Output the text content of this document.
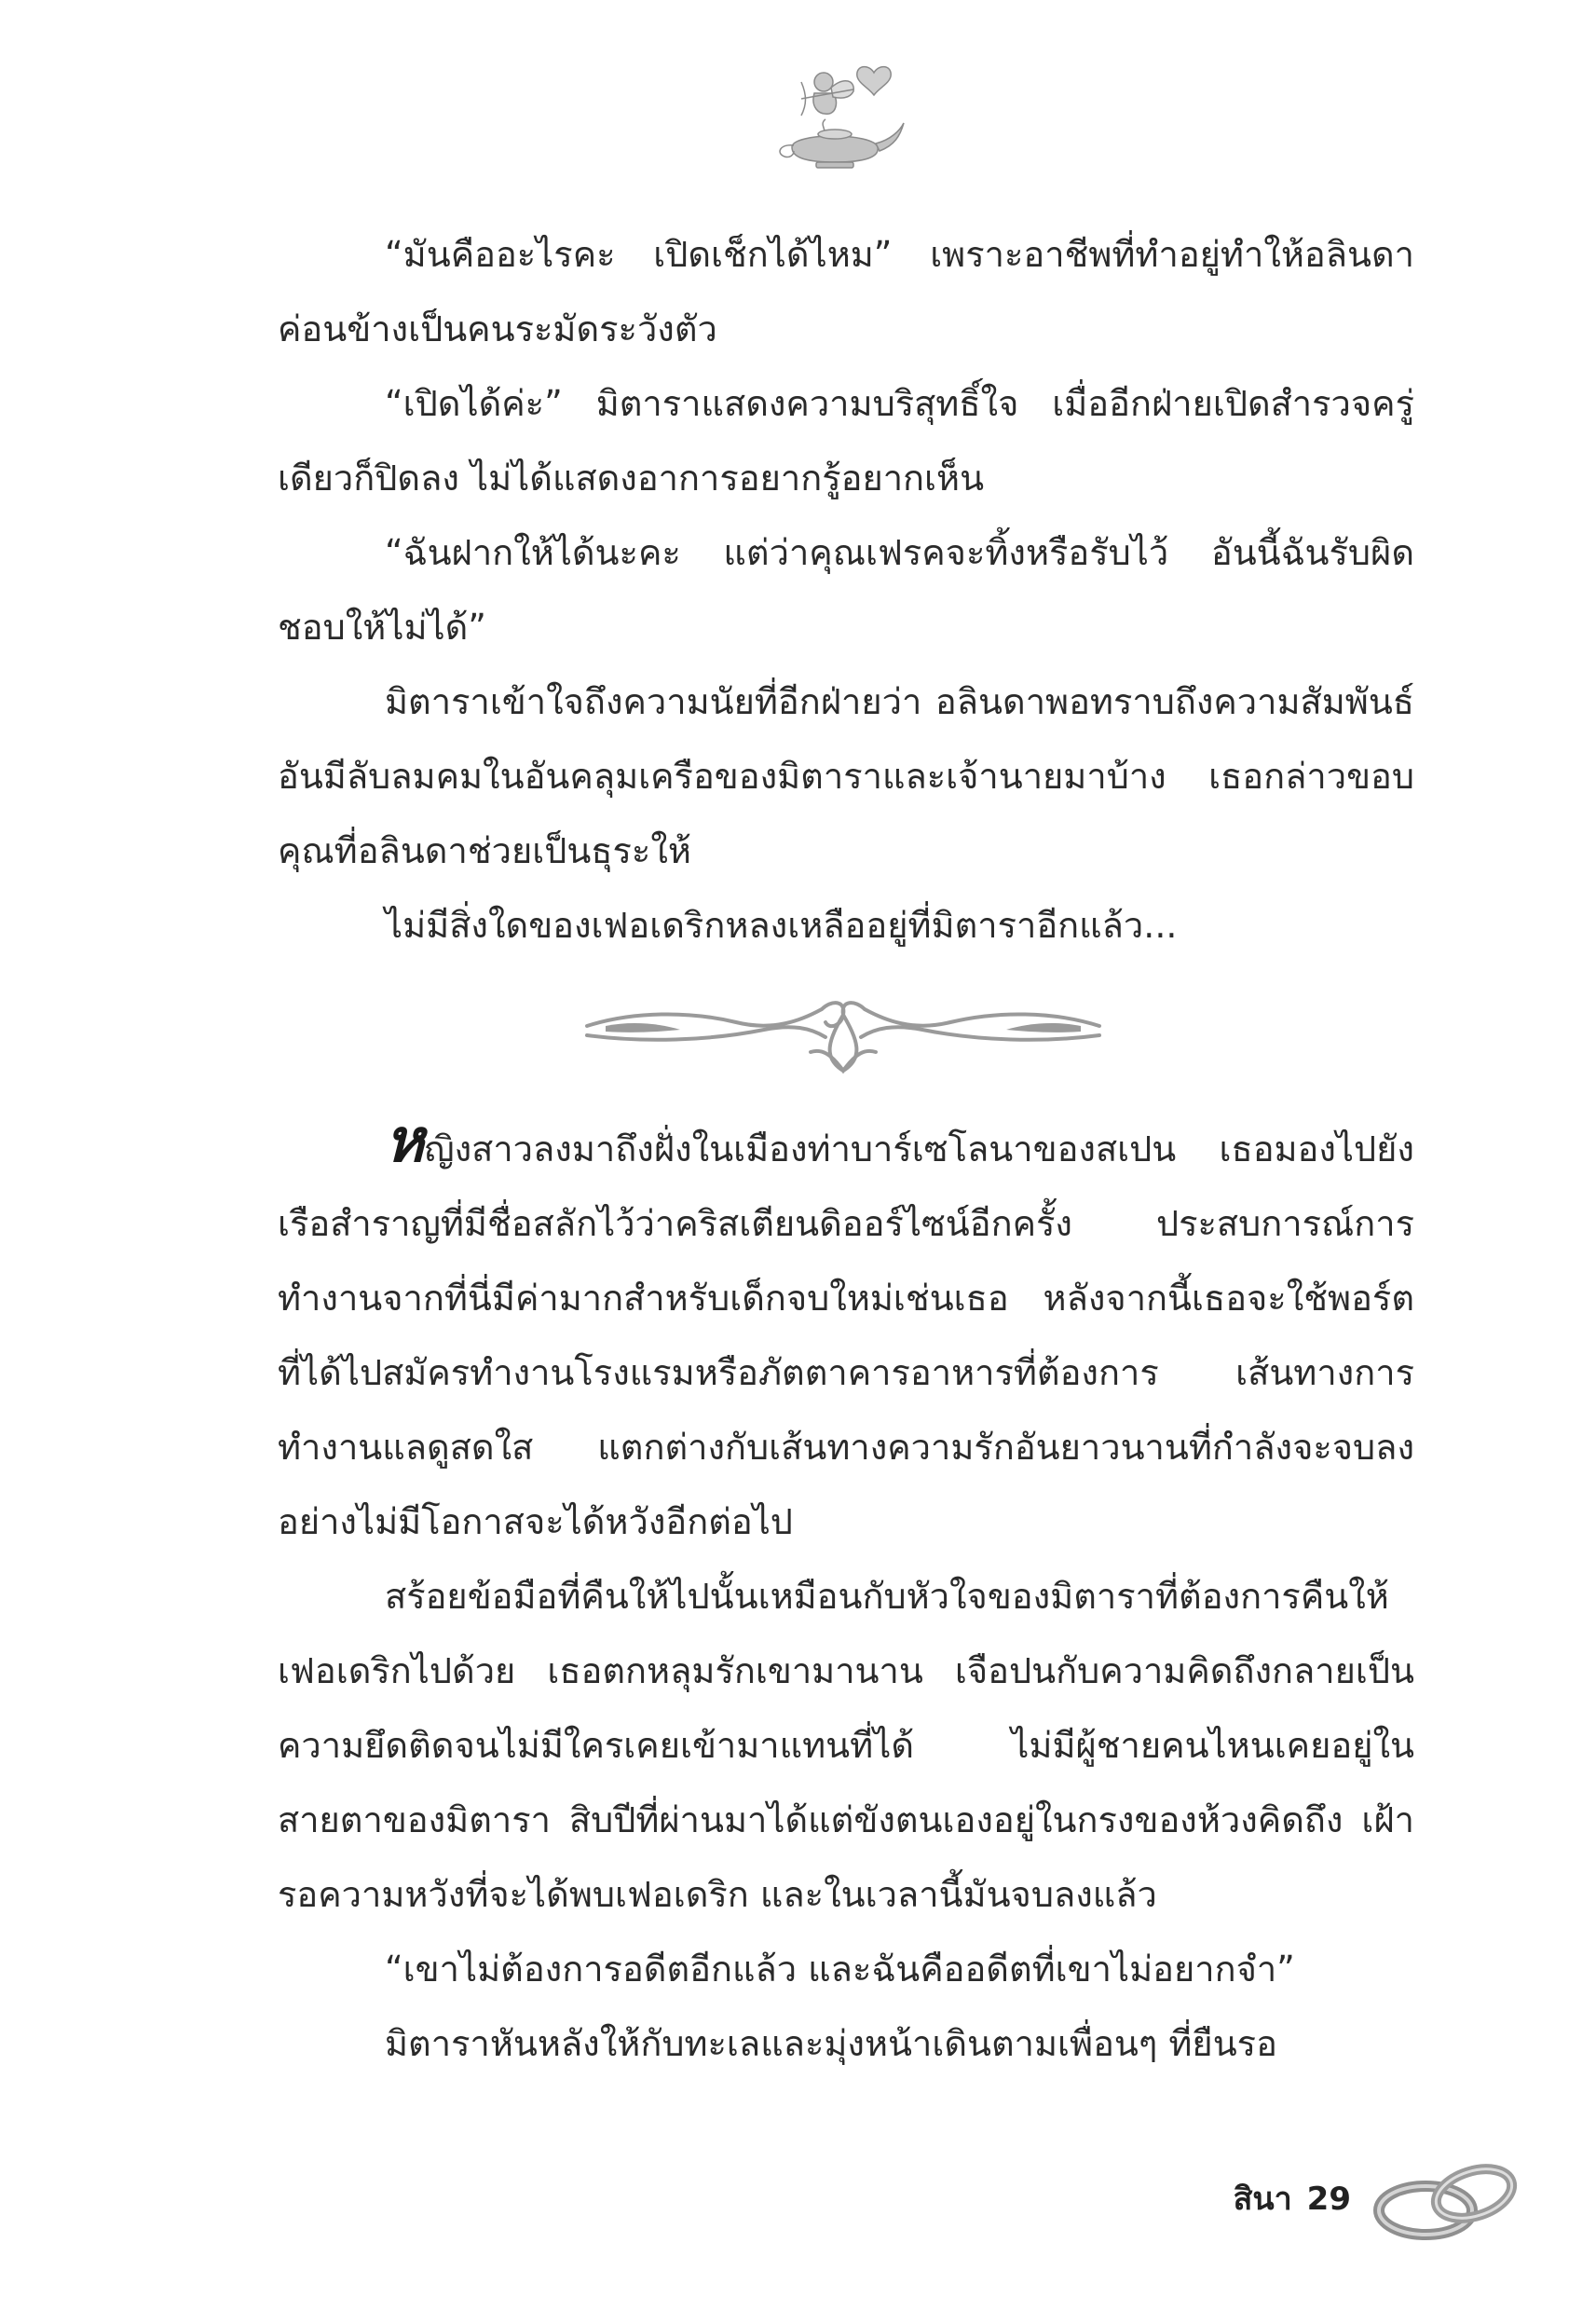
“มันคืออะไรคะ เปิดเช็กได้ไหม” เพราะอาชีพที่ทำอยู่ทำให้อลินดาค่อนข้างเป็นคนระมัดระวังตัว

“เปิดได้ค่ะ” มิตาราแสดงความบริสุทธิ์ใจ เมื่ออีกฝ่ายเปิดสำรวจครู่เดียวก็ปิดลง ไม่ได้แสดงอาการอยากรู้อยากเห็น

“ฉันฝากให้ได้นะคะ แต่ว่าคุณเฟรคจะทิ้งหรือรับไว้ อันนี้ฉันรับผิดชอบให้ไม่ได้”

มิตาราเข้าใจถึงความนัยที่อีกฝ่ายว่า อลินดาพอทราบถึงความสัมพันธ์อันมีลับลมคมในอันคลุมเครือของมิตาราและเจ้านายมาบ้าง เธอกล่าวขอบคุณที่อลินดาช่วยเป็นธุระให้

ไม่มีสิ่งใดของเฟอเดริกหลงเหลืออยู่ที่มิตาราอีกแล้ว...

หญิงสาวลงมาถึงฝั่งในเมืองท่าบาร์เซโลนาของสเปน เธอมองไปยังเรือสำราญที่มีชื่อสลักไว้ว่าคริสเตียนดิออร์ไซน์อีกครั้ง ประสบการณ์การทำงานจากที่นี่มีค่ามากสำหรับเด็กจบใหม่เช่นเธอ หลังจากนี้เธอจะใช้พอร์ตที่ได้ไปสมัครทำงานโรงแรมหรือภัตตาคารอาหารที่ต้องการ เส้นทางการทำงานแลดูสดใส แตกต่างกับเส้นทางความรักอันยาวนานที่กำลังจะจบลงอย่างไม่มีโอกาสจะได้หวังอีกต่อไป

สร้อยข้อมือที่คืนให้ไปนั้นเหมือนกับหัวใจของมิตาราที่ต้องการคืนให้เฟอเดริกไปด้วย เธอตกหลุมรักเขามานาน เจือปนกับความคิดถึงกลายเป็นความยึดติดจนไม่มีใครเคยเข้ามาแทนที่ได้ ไม่มีผู้ชายคนไหนเคยอยู่ในสายตาของมิตารา สิบปีที่ผ่านมาได้แต่ขังตนเองอยู่ในกรงของห้วงคิดถึง เฝ้ารอความหวังที่จะได้พบเฟอเดริก และในเวลานี้มันจบลงแล้ว

“เขาไม่ต้องการอดีตอีกแล้ว และฉันคืออดีตที่เขาไม่อยากจำ”

มิตาราหันหลังให้กับทะเลและมุ่งหน้าเดินตามเพื่อนๆ ที่ยืนรอ

สินา 29
